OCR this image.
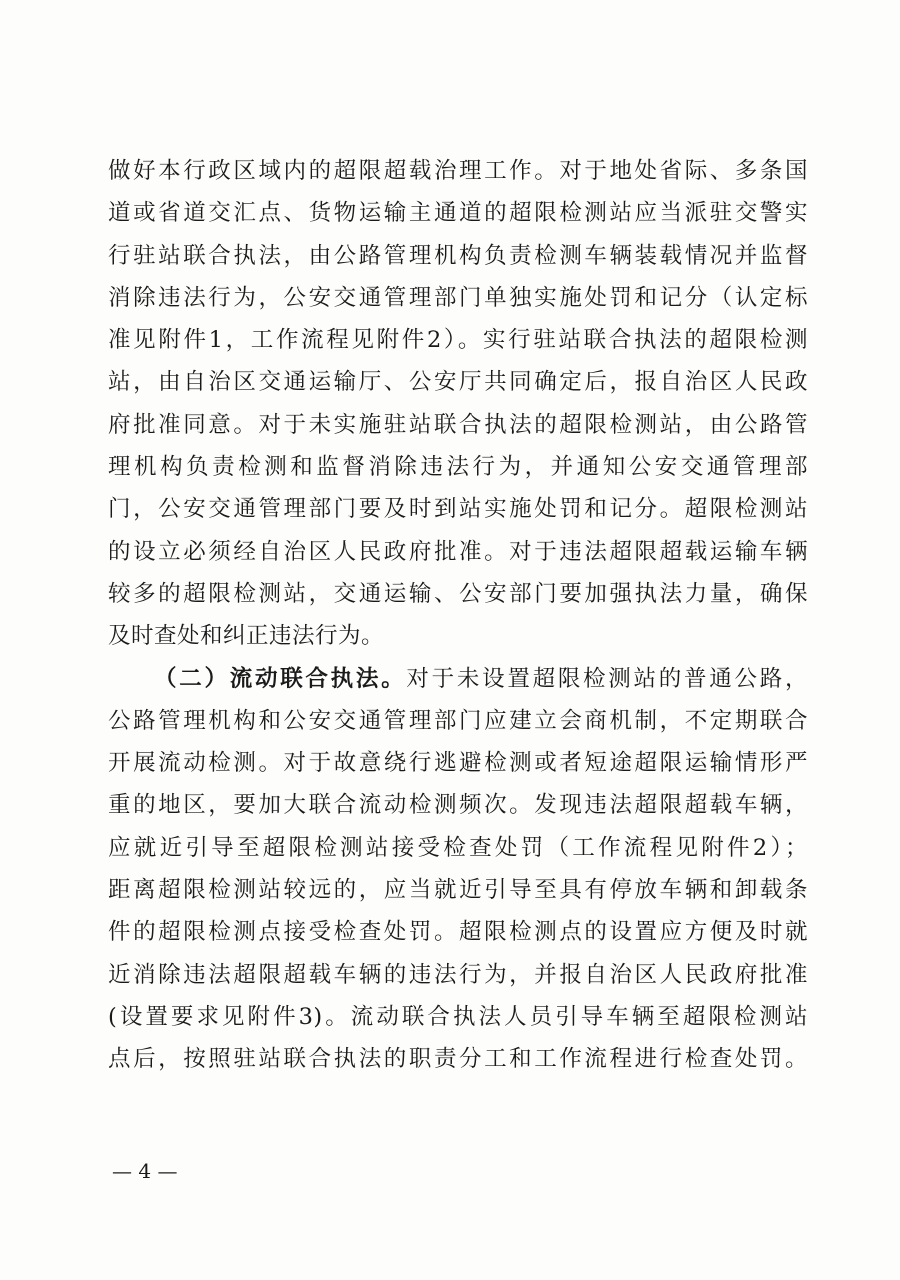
做好本行政区域内的超限超载治理工作。对于地处省际、多条国
道或省道交汇点、货物运输主通道的超限检测站应当派驻交警实
行驻站联合执法，由公路管理机构负责检测车辆装载情况并监督
消除违法行为，公安交通管理部门单独实施处罚和记分（认定标
准见附件1，工作流程见附件2）。实行驻站联合执法的超限检测
站，由自治区交通运输厅、公安厅共同确定后，报自治区人民政
府批准同意。对于未实施驻站联合执法的超限检测站，由公路管
理机构负责检测和监督消除违法行为，并通知公安交通管理部
门，公安交通管理部门要及时到站实施处罚和记分。超限检测站
的设立必须经自治区人民政府批准。对于违法超限超载运输车辆
较多的超限检测站，交通运输、公安部门要加强执法力量，确保
及时查处和纠正违法行为。
（二）流动联合执法。对于未设置超限检测站的普通公路，
公路管理机构和公安交通管理部门应建立会商机制，不定期联合
开展流动检测。对于故意绕行逃避检测或者短途超限运输情形严
重的地区，要加大联合流动检测频次。发现违法超限超载车辆，
应就近引导至超限检测站接受检查处罚（工作流程见附件2）；
距离超限检测站较远的，应当就近引导至具有停放车辆和卸载条
件的超限检测点接受检查处罚。超限检测点的设置应方便及时就
近消除违法超限超载车辆的违法行为，并报自治区人民政府批准
(设置要求见附件3)。流动联合执法人员引导车辆至超限检测站
点后，按照驻站联合执法的职责分工和工作流程进行检查处罚。
— 4 —
